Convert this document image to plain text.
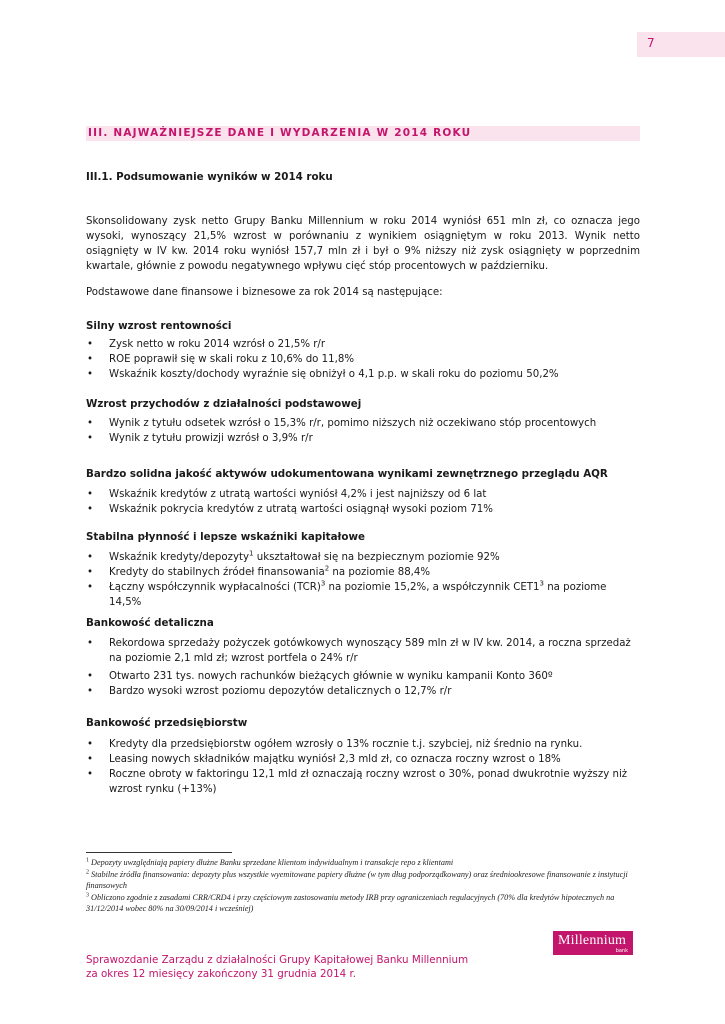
7
III. NAJWAŻNIEJSZE DANE I WYDARZENIA W 2014 ROKU
III.1. Podsumowanie wyników w 2014 roku
Skonsolidowany zysk netto Grupy Banku Millennium w roku 2014 wyniósł 651 mln zł, co oznacza jego wysoki, wynoszący 21,5% wzrost w porównaniu z wynikiem osiągniętym w roku 2013. Wynik netto osiągnięty w IV kw. 2014 roku wyniósł 157,7 mln zł i był o 9% niższy niż zysk osiągnięty w poprzednim kwartale, głównie z powodu negatywnego wpływu cięć stóp procentowych w październiku.
Podstawowe dane finansowe i biznesowe za rok 2014 są następujące:
Silny wzrost rentowności
• Zysk netto w roku 2014 wzrósł o 21,5% r/r
• ROE poprawił się w skali roku z 10,6% do 11,8%
• Wskaźnik koszty/dochody wyraźnie się obniżył o 4,1 p.p. w skali roku do poziomu 50,2%
Wzrost przychodów z działalności podstawowej
• Wynik z tytułu odsetek wzrósł o 15,3% r/r, pomimo niższych niż oczekiwano stóp procentowych
• Wynik z tytułu prowizji wzrósł o 3,9% r/r
Bardzo solidna jakość aktywów udokumentowana wynikami zewnętrznego przeglądu AQR
• Wskaźnik kredytów z utratą wartości wyniósł 4,2% i jest najniższy od 6 lat
• Wskaźnik pokrycia kredytów z utratą wartości osiągnął wysoki poziom 71%
Stabilna płynność i lepsze wskaźniki kapitałowe
• Wskaźnik kredyty/depozyty$^1$ ukształtował się na bezpiecznym poziomie 92%
• Kredyty do stabilnych źródeł finansowania$^2$ na poziomie 88,4%
• Łączny współczynnik wypłacalności (TCR)$^3$ na poziomie 15,2%, a współczynnik $CET1^3$ na poziome 14,5%
Bankowość detaliczna
• Rekordowa sprzedaży pożyczek gotówkowych wynoszący 589 mln zł w IV kw. 2014, a roczna sprzedaż na poziomie 2,1 mld zł; wzrost portfela o 24% r/r
• Otwarto 231 tys. nowych rachunków bieżących głównie w wyniku kampanii Konto 360º
• Bardzo wysoki wzrost poziomu depozytów detalicznych o 12,7% r/r
Bankowość przedsiębiorstw
• Kredyty dla przedsiębiorstw ogółem wzrosły o 13% rocznie t.j. szybciej, niż średnio na rynku.
• Leasing nowych składników majątku wyniósł 2,3 mld zł, co oznacza roczny wzrost o 18%
• Roczne obroty w faktoringu 12,1 mld zł oznaczają roczny wzrost o 30%, ponad dwukrotnie wyższy niż wzrost rynku (+13%)
$^1$ Depozyty uwzględniają papiery dłużne Banku sprzedane klientom indywidualnym i transakcje repo z klientami
$^2$ Stabilne źródła finansowania: depozyty plus wszystkie wyemitowane papiery dłużne (w tym dług podporządkowany) oraz średniookresowe finansowanie z instytucji finansowych
$^3$ Obliczono zgodnie z zasadami CRR/CRD4 i przy częściowym zastosowaniu metody IRB przy ograniczeniach regulacyjnych (70% dla kredytów hipotecznych na 31/12/2014 wobec 80% na 30/09/2014 i wcześniej)
Millennium
bank
Sprawozdanie Zarządu z działalności Grupy Kapitałowej Banku Millennium
za okres 12 miesięcy zakończony 31 grudnia 2014 r.
